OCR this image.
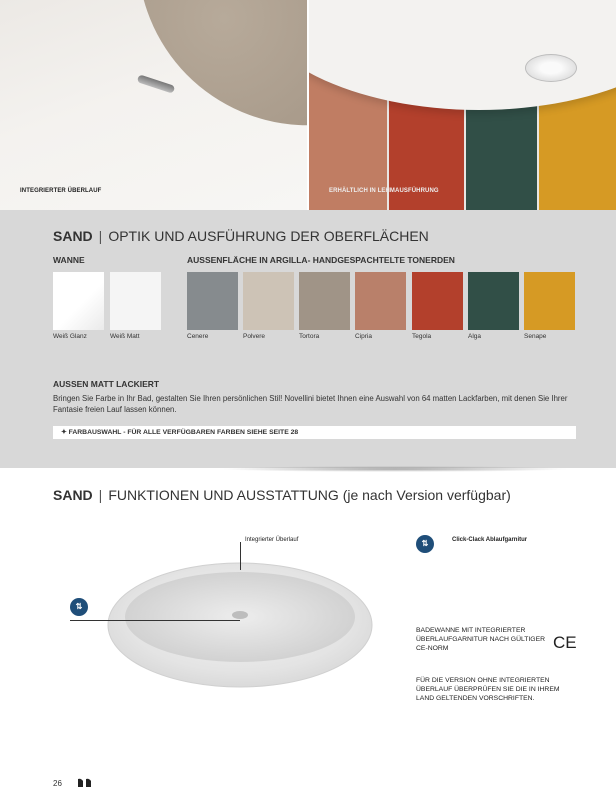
INTEGRIERTER ÜBERLAUF	ERHÄLTLICH IN LEHMAUSFÜHRUNG
SAND | OPTIK UND AUSFÜHRUNG DER OBERFLÄCHEN
WANNE	AUSSENFLÄCHE IN ARGILLA- HANDGESPACHTELTE TONERDEN
Weiß Glanz	Weiß Matt	Cenere	Polvere	Tortora	Cipria	Tegola	Alga	Senape
AUSSEN MATT LACKIERT
Bringen Sie Farbe in Ihr Bad, gestalten Sie Ihren persönlichen Stil! Novellini bietet Ihnen eine Auswahl von 64 matten Lackfarben, mit denen Sie Ihrer Fantasie freien Lauf lassen können.
✦ FARBAUSWAHL - FÜR ALLE VERFÜGBAREN FARBEN SIEHE SEITE 28
SAND | FUNKTIONEN UND AUSSTATTUNG (je nach Version verfügbar)
Integrierter Überlauf
⇅
⇅	Click-Clack Ablaufgarnitur
BADEWANNE MIT INTEGRIERTER ÜBERLAUFGARNITUR NACH GÜLTIGER CE-NORM	CE
FÜR DIE VERSION OHNE INTEGRIERTEN ÜBERLAUF ÜBERPRÜFEN SIE DIE IN IHREM LAND GELTENDEN VORSCHRIFTEN.
26
